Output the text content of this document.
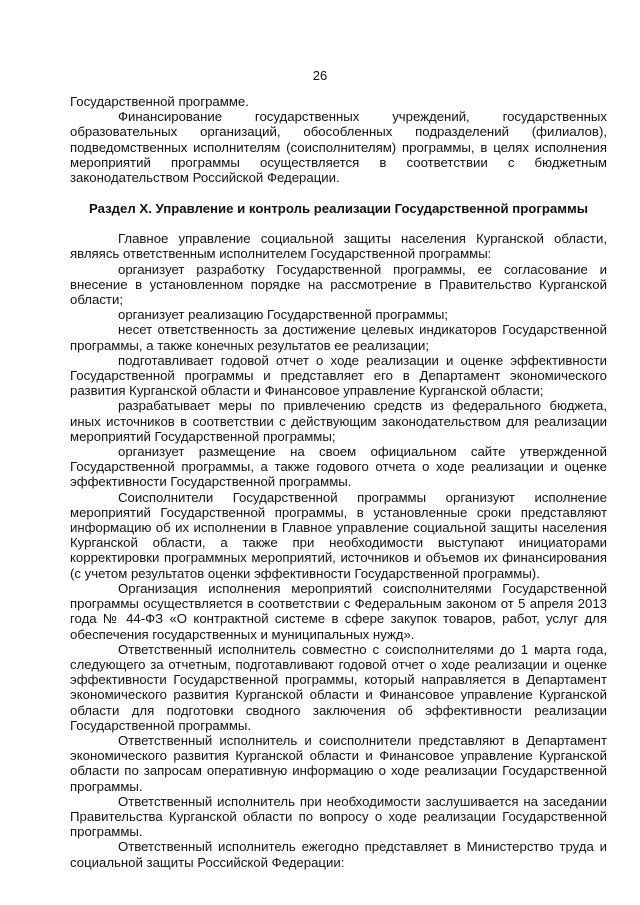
26

Государственной программе.

Финансирование государственных учреждений, государственных образовательных организаций, обособленных подразделений (филиалов), подведомственных исполнителям (соисполнителям) программы, в целях исполнения мероприятий программы осуществляется в соответствии с бюджетным законодательством Российской Федерации.

Раздел X. Управление и контроль реализации Государственной программы

Главное управление социальной защиты населения Курганской области, являясь ответственным исполнителем Государственной программы:

организует разработку Государственной программы, ее согласование и внесение в установленном порядке на рассмотрение в Правительство Курганской области;

организует реализацию Государственной программы;

несет ответственность за достижение целевых индикаторов Государственной программы, а также конечных результатов ее реализации;

подготавливает годовой отчет о ходе реализации и оценке эффективности Государственной программы и представляет его в Департамент экономического развития Курганской области и Финансовое управление Курганской области;

разрабатывает меры по привлечению средств из федерального бюджета, иных источников в соответствии с действующим законодательством для реализации мероприятий Государственной программы;

организует размещение на своем официальном сайте утвержденной Государственной программы, а также годового отчета о ходе реализации и оценке эффективности Государственной программы.

Соисполнители Государственной программы организуют исполнение мероприятий Государственной программы, в установленные сроки представляют информацию об их исполнении в Главное управление социальной защиты населения Курганской области, а также при необходимости выступают инициаторами корректировки программных мероприятий, источников и объемов их финансирования (с учетом результатов оценки эффективности Государственной программы).

Организация исполнения мероприятий соисполнителями Государственной программы осуществляется в соответствии с Федеральным законом от 5 апреля 2013 года № 44-ФЗ «О контрактной системе в сфере закупок товаров, работ, услуг для обеспечения государственных и муниципальных нужд».

Ответственный исполнитель совместно с соисполнителями до 1 марта года, следующего за отчетным, подготавливают годовой отчет о ходе реализации и оценке эффективности Государственной программы, который направляется в Департамент экономического развития Курганской области и Финансовое управление Курганской области для подготовки сводного заключения об эффективности реализации Государственной программы.

Ответственный исполнитель и соисполнители представляют в Департамент экономического развития Курганской области и Финансовое управление Курганской области по запросам оперативную информацию о ходе реализации Государственной программы.

Ответственный исполнитель при необходимости заслушивается на заседании Правительства Курганской области по вопросу о ходе реализации Государственной программы.

Ответственный исполнитель ежегодно представляет в Министерство труда и социальной защиты Российской Федерации:
